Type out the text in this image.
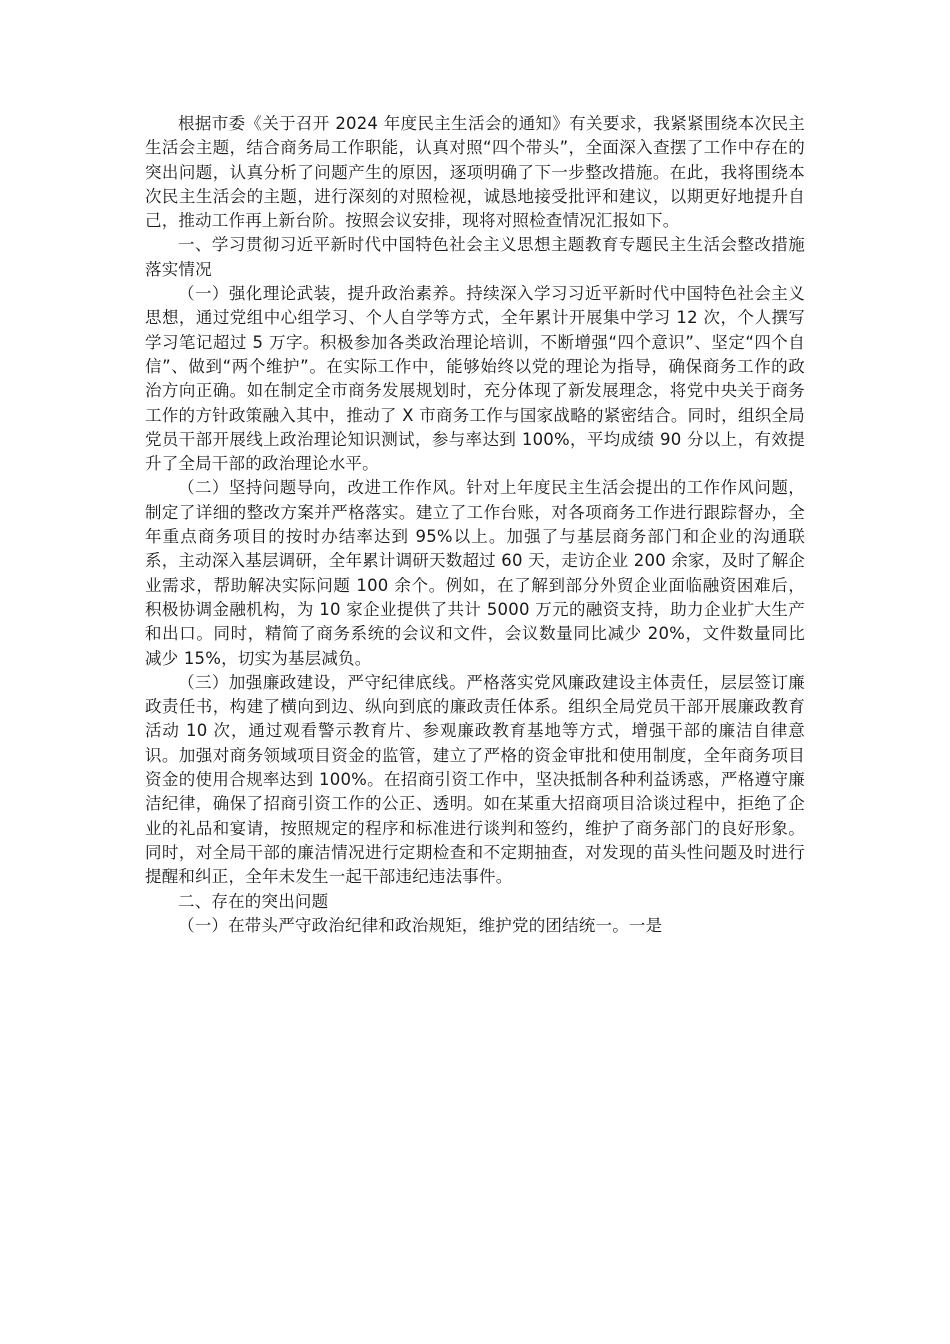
根据市委《关于召开 2024 年度民主生活会的通知》有关要求，我紧紧围绕本次民主生活会主题，结合商务局工作职能，认真对照“四个带头”，全面深入查摆了工作中存在的突出问题，认真分析了问题产生的原因，逐项明确了下一步整改措施。在此，我将围绕本次民主生活会的主题，进行深刻的对照检视，诚恳地接受批评和建议，以期更好地提升自己，推动工作再上新台阶。按照会议安排，现将对照检查情况汇报如下。

一、学习贯彻习近平新时代中国特色社会主义思想主题教育专题民主生活会整改措施落实情况

（一）强化理论武装，提升政治素养。持续深入学习习近平新时代中国特色社会主义思想，通过党组中心组学习、个人自学等方式，全年累计开展集中学习 12 次，个人撰写学习笔记超过 5 万字。积极参加各类政治理论培训，不断增强“四个意识”、坚定“四个自信”、做到“两个维护”。在实际工作中，能够始终以党的理论为指导，确保商务工作的政治方向正确。如在制定全市商务发展规划时，充分体现了新发展理念，将党中央关于商务工作的方针政策融入其中，推动了 X 市商务工作与国家战略的紧密结合。同时，组织全局党员干部开展线上政治理论知识测试，参与率达到 100%，平均成绩 90 分以上，有效提升了全局干部的政治理论水平。

（二）坚持问题导向，改进工作作风。针对上年度民主生活会提出的工作作风问题，制定了详细的整改方案并严格落实。建立了工作台账，对各项商务工作进行跟踪督办，全年重点商务项目的按时办结率达到 95%以上。加强了与基层商务部门和企业的沟通联系，主动深入基层调研，全年累计调研天数超过 60 天，走访企业 200 余家，及时了解企业需求，帮助解决实际问题 100 余个。例如，在了解到部分外贸企业面临融资困难后，积极协调金融机构，为 10 家企业提供了共计 5000 万元的融资支持，助力企业扩大生产和出口。同时，精简了商务系统的会议和文件，会议数量同比减少 20%，文件数量同比减少 15%，切实为基层减负。

（三）加强廉政建设，严守纪律底线。严格落实党风廉政建设主体责任，层层签订廉政责任书，构建了横向到边、纵向到底的廉政责任体系。组织全局党员干部开展廉政教育活动 10 次，通过观看警示教育片、参观廉政教育基地等方式，增强干部的廉洁自律意识。加强对商务领域项目资金的监管，建立了严格的资金审批和使用制度，全年商务项目资金的使用合规率达到 100%。在招商引资工作中，坚决抵制各种利益诱惑，严格遵守廉洁纪律，确保了招商引资工作的公正、透明。如在某重大招商项目洽谈过程中，拒绝了企业的礼品和宴请，按照规定的程序和标准进行谈判和签约，维护了商务部门的良好形象。同时，对全局干部的廉洁情况进行定期检查和不定期抽查，对发现的苗头性问题及时进行提醒和纠正，全年未发生一起干部违纪违法事件。

二、存在的突出问题

（一）在带头严守政治纪律和政治规矩，维护党的团结统一。一是
